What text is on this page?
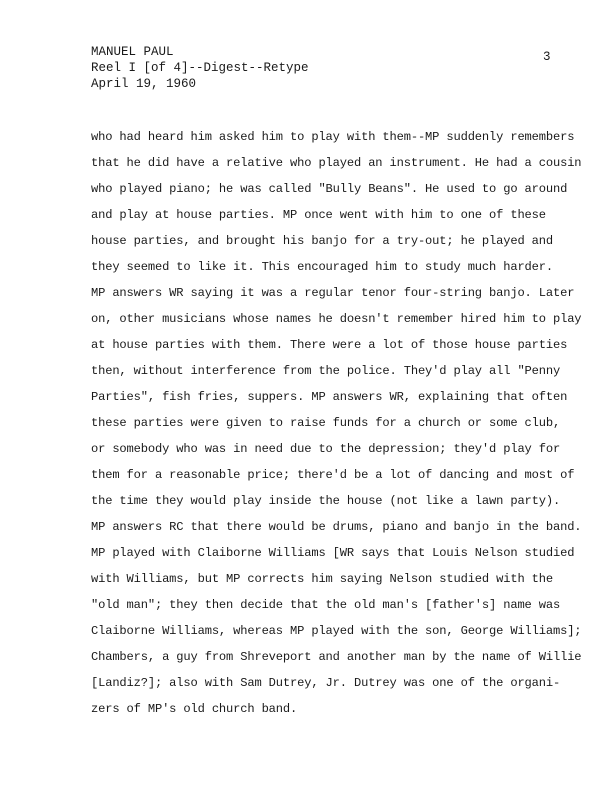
MANUEL PAUL
Reel I [of 4]--Digest--Retype
April 19, 1960
3
who had heard him asked him to play with them--MP suddenly remembers
that he did have a relative who played an instrument. He had a cousin
who played piano; he was called "Bully Beans". He used to go around
and play at house parties. MP once went with him to one of these
house parties, and brought his banjo for a try-out; he played and
they seemed to like it. This encouraged him to study much harder.
MP answers WR saying it was a regular tenor four-string banjo. Later
on, other musicians whose names he doesn't remember hired him to play
at house parties with them. There were a lot of those house parties
then, without interference from the police. They'd play all "Penny
Parties", fish fries, suppers. MP answers WR, explaining that often
these parties were given to raise funds for a church or some club,
or somebody who was in need due to the depression; they'd play for
them for a reasonable price; there'd be a lot of dancing and most of
the time they would play inside the house (not like a lawn party).
MP answers RC that there would be drums, piano and banjo in the band.
MP played with Claiborne Williams [WR says that Louis Nelson studied
with Williams, but MP corrects him saying Nelson studied with the
"old man"; they then decide that the old man's [father's] name was
Claiborne Williams, whereas MP played with the son, George Williams];
Chambers, a guy from Shreveport and another man by the name of Willie
[Landiz?]; also with Sam Dutrey, Jr. Dutrey was one of the organi-
zers of MP's old church band.
